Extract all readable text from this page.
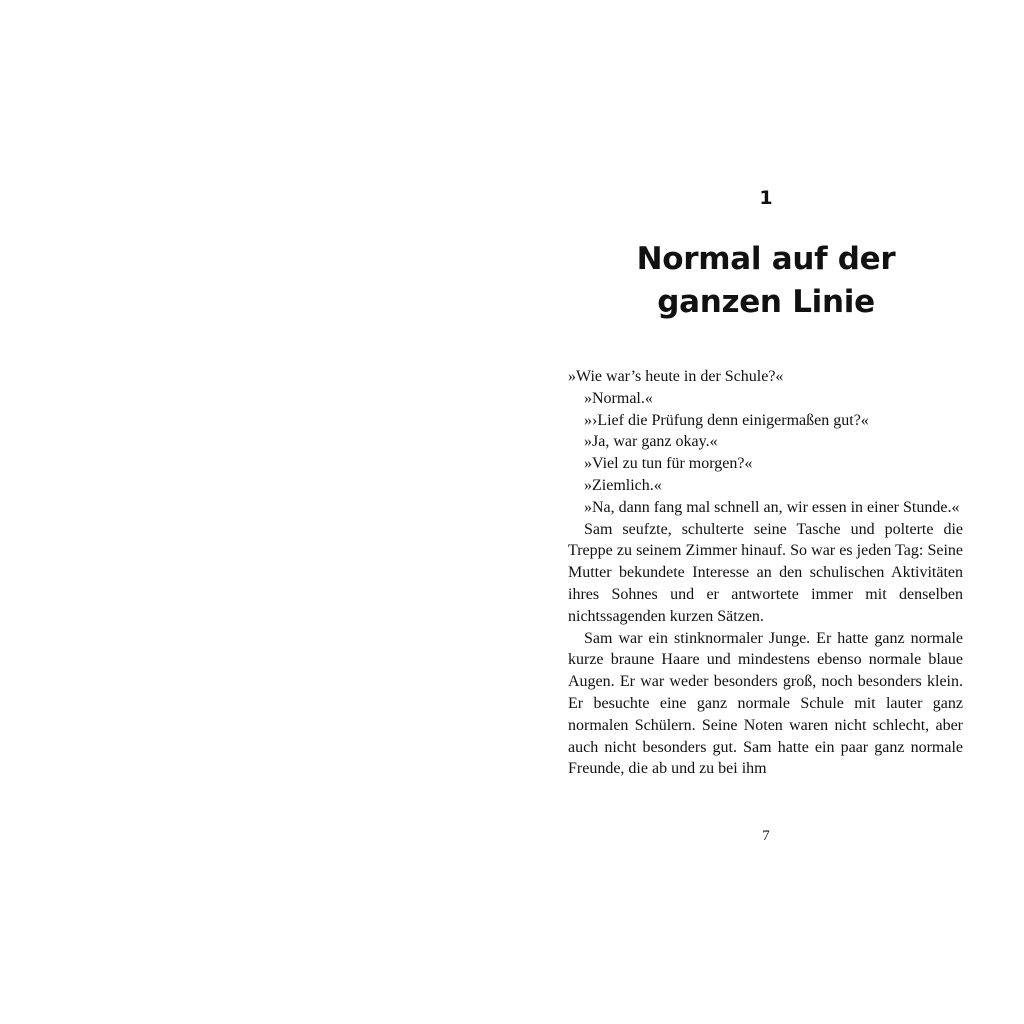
1
Normal auf der
ganzen Linie

»Wie war’s heute in der Schule?«

»Normal.«

»›Lief die Prüfung denn einigermaßen gut?«

»Ja, war ganz okay.«

»Viel zu tun für morgen?«

»Ziemlich.«

»Na, dann fang mal schnell an, wir essen in einer Stunde.«

Sam seufzte, schulterte seine Tasche und polterte die Treppe zu seinem Zimmer hinauf. So war es jeden Tag: Seine Mutter bekundete Interesse an den schulischen Aktivitäten ihres Sohnes und er antwortete immer mit denselben nichtssagenden kurzen Sätzen.

Sam war ein stinknormaler Junge. Er hatte ganz normale kurze braune Haare und mindestens ebenso normale blaue Augen. Er war weder besonders groß, noch besonders klein. Er besuchte eine ganz normale Schule mit lauter ganz normalen Schülern. Seine Noten waren nicht schlecht, aber auch nicht besonders gut. Sam hatte ein paar ganz normale Freunde, die ab und zu bei ihm

7
